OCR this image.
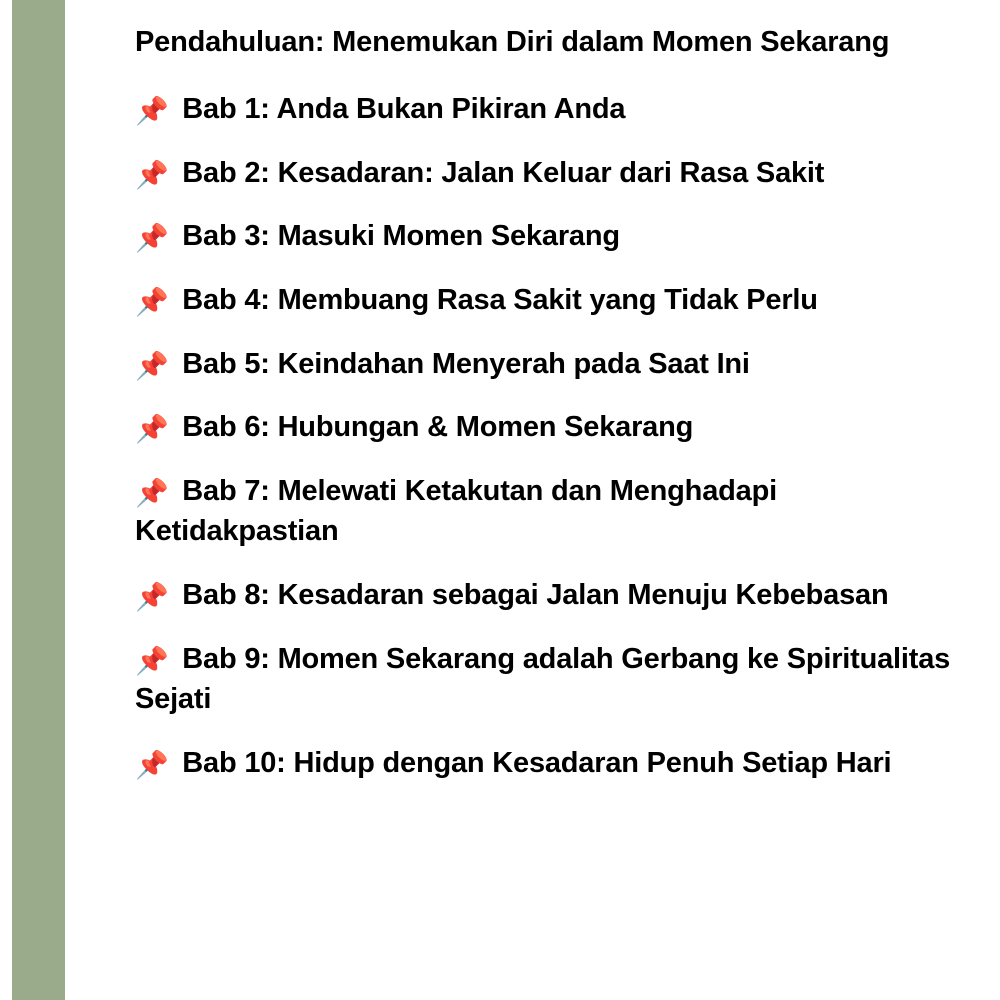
Pendahuluan: Menemukan Diri dalam Momen Sekarang
📌 Bab 1: Anda Bukan Pikiran Anda
📌 Bab 2: Kesadaran: Jalan Keluar dari Rasa Sakit
📌 Bab 3: Masuki Momen Sekarang
📌 Bab 4: Membuang Rasa Sakit yang Tidak Perlu
📌 Bab 5: Keindahan Menyerah pada Saat Ini
📌 Bab 6: Hubungan & Momen Sekarang
📌 Bab 7: Melewati Ketakutan dan Menghadapi Ketidakpastian
📌 Bab 8: Kesadaran sebagai Jalan Menuju Kebebasan
📌 Bab 9: Momen Sekarang adalah Gerbang ke Spiritualitas Sejati
📌 Bab 10: Hidup dengan Kesadaran Penuh Setiap Hari
